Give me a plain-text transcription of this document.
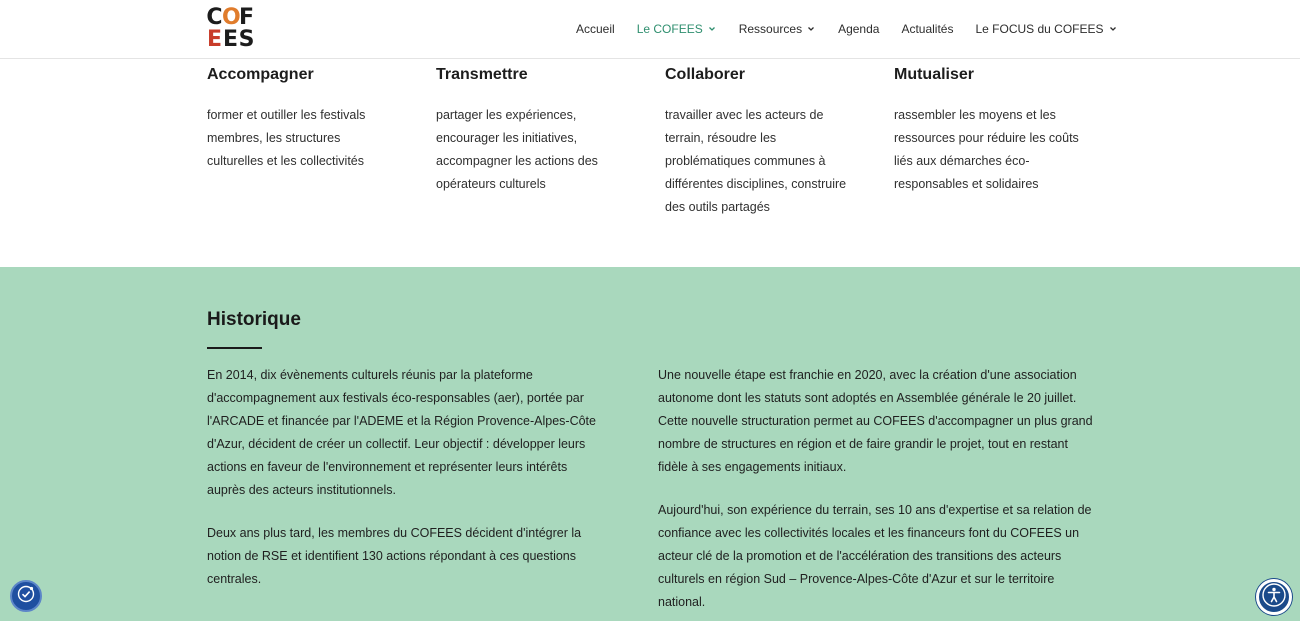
C O F
E E S	Accueil Le COFEES	Ressources	Agenda Actualités Le FOCUS du COFEES
Accompagner

former et outiller les festivals membres, les structures culturelles et les collectivités

Transmettre

partager les expériences, encourager les initiatives, accompagner les actions des opérateurs culturels

Collaborer

travailler avec les acteurs de terrain, résoudre les problématiques communes à différentes disciplines, construire des outils partagés

Mutualiser

rassembler les moyens et les ressources pour réduire les coûts liés aux démarches éco-responsables et solidaires

Historique

En 2014, dix évènements culturels réunis par la plateforme d'accompagnement aux festivals éco-responsables (aer), portée par l'ARCADE et financée par l'ADEME et la Région Provence-Alpes-Côte d'Azur, décident de créer un collectif. Leur objectif : développer leurs actions en faveur de l'environnement et représenter leurs intérêts auprès des acteurs institutionnels.

Deux ans plus tard, les membres du COFEES décident d'intégrer la notion de RSE et identifient 130 actions répondant à ces questions centrales.

Une nouvelle étape est franchie en 2020, avec la création d'une association autonome dont les statuts sont adoptés en Assemblée générale le 20 juillet. Cette nouvelle structuration permet au COFEES d'accompagner un plus grand nombre de structures en région et de faire grandir le projet, tout en restant fidèle à ses engagements initiaux.

Aujourd'hui, son expérience du terrain, ses 10 ans d'expertise et sa relation de confiance avec les collectivités locales et les financeurs font du COFEES un acteur clé de la promotion et de l'accélération des transitions des acteurs culturels en région Sud – Provence-Alpes-Côte d'Azur et sur le territoire national.
